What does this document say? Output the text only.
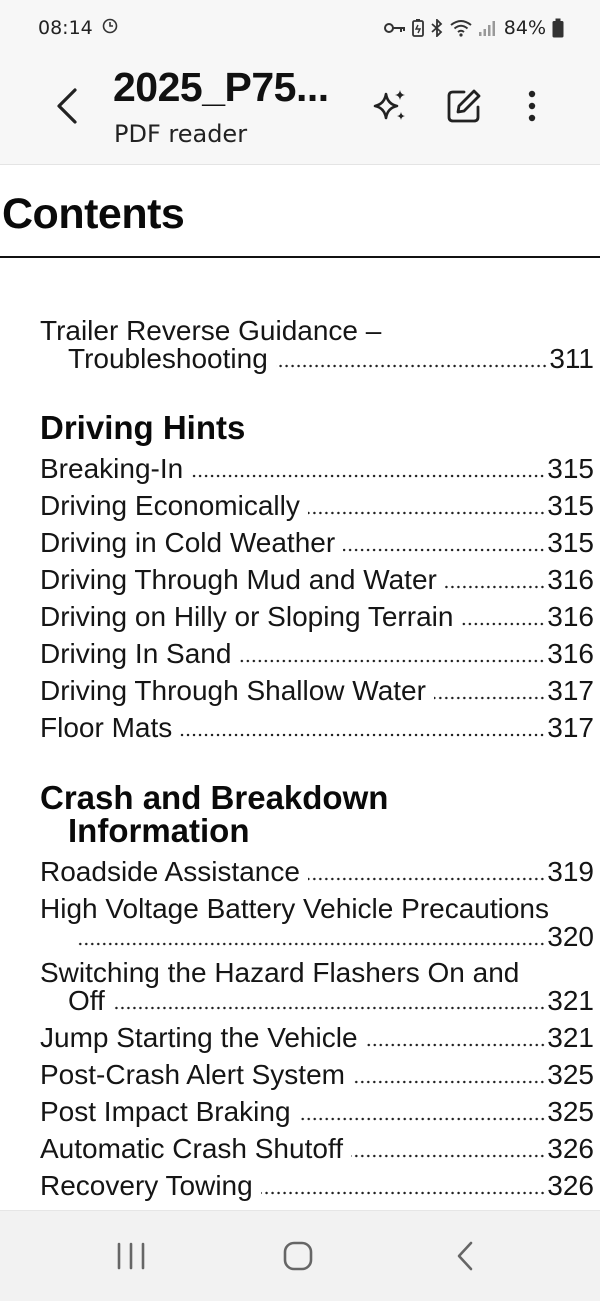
08:14	84%
2025_P75...
PDF reader
Contents
Trailer Reverse Guidance –
Troubleshooting	311
Driving Hints
Breaking-In	315
Driving Economically	315
Driving in Cold Weather	315
Driving Through Mud and Water	316
Driving on Hilly or Sloping Terrain	316
Driving In Sand	316
Driving Through Shallow Water	317
Floor Mats	317
Crash and Breakdown
Information
Roadside Assistance	319
High Voltage Battery Vehicle Precautions
320
Switching the Hazard Flashers On and
Off	321
Jump Starting the Vehicle	321
Post-Crash Alert System	325
Post Impact Braking	325
Automatic Crash Shutoff	326
Recovery Towing	326
